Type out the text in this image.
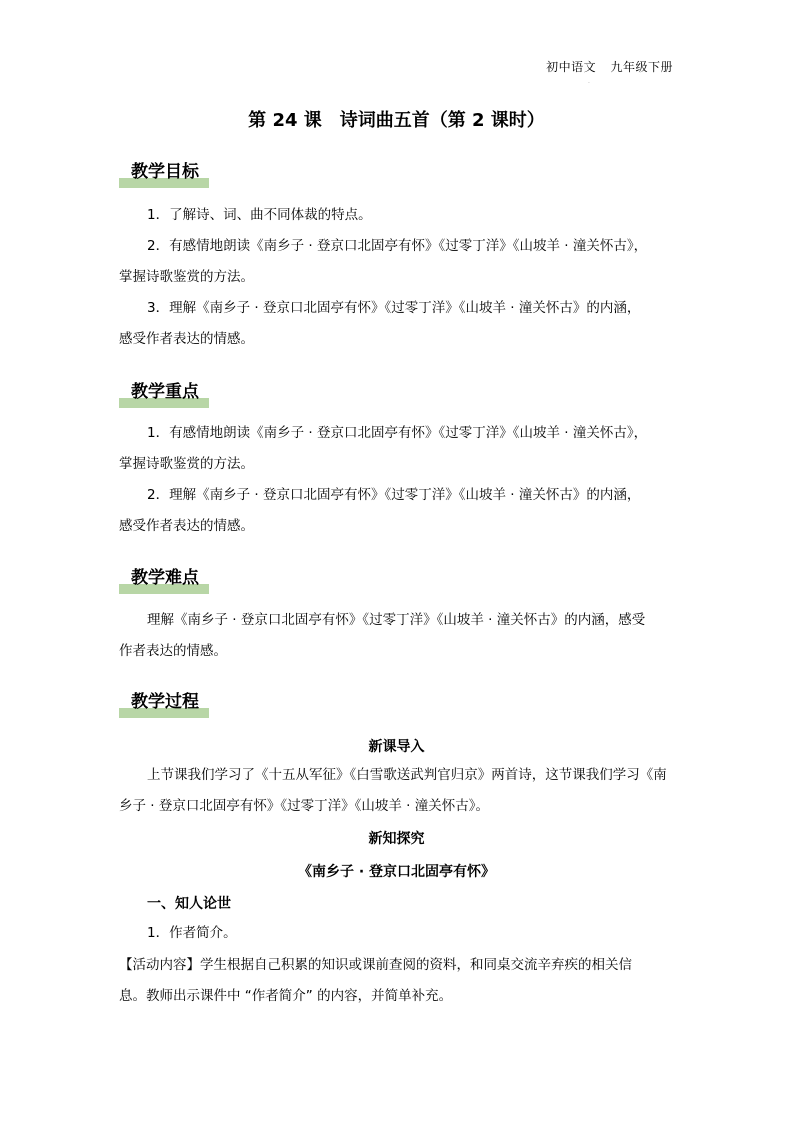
初中语文 九年级下册
·
第 24 课　诗词曲五首（第 2 课时）
教学目标
1．了解诗、词、曲不同体裁的特点。
2．有感情地朗读《南乡子 · 登京口北固亭有怀》《过零丁洋》《山坡羊 · 潼关怀古》，
掌握诗歌鉴赏的方法。
3．理解《南乡子 · 登京口北固亭有怀》《过零丁洋》《山坡羊 · 潼关怀古》的内涵，
感受作者表达的情感。
教学重点
1．有感情地朗读《南乡子 · 登京口北固亭有怀》《过零丁洋》《山坡羊 · 潼关怀古》，
掌握诗歌鉴赏的方法。
2．理解《南乡子 · 登京口北固亭有怀》《过零丁洋》《山坡羊 · 潼关怀古》的内涵，
感受作者表达的情感。
教学难点
理解《南乡子 · 登京口北固亭有怀》《过零丁洋》《山坡羊 · 潼关怀古》的内涵，感受
作者表达的情感。
教学过程
新课导入
上节课我们学习了《十五从军征》《白雪歌送武判官归京》两首诗，这节课我们学习《南
乡子 · 登京口北固亭有怀》《过零丁洋》《山坡羊 · 潼关怀古》。
新知探究
《南乡子 · 登京口北固亭有怀》
一、知人论世
1．作者简介。
【活动内容】学生根据自己积累的知识或课前查阅的资料，和同桌交流辛弃疾的相关信
息。教师出示课件中 “作者简介” 的内容，并简单补充。
